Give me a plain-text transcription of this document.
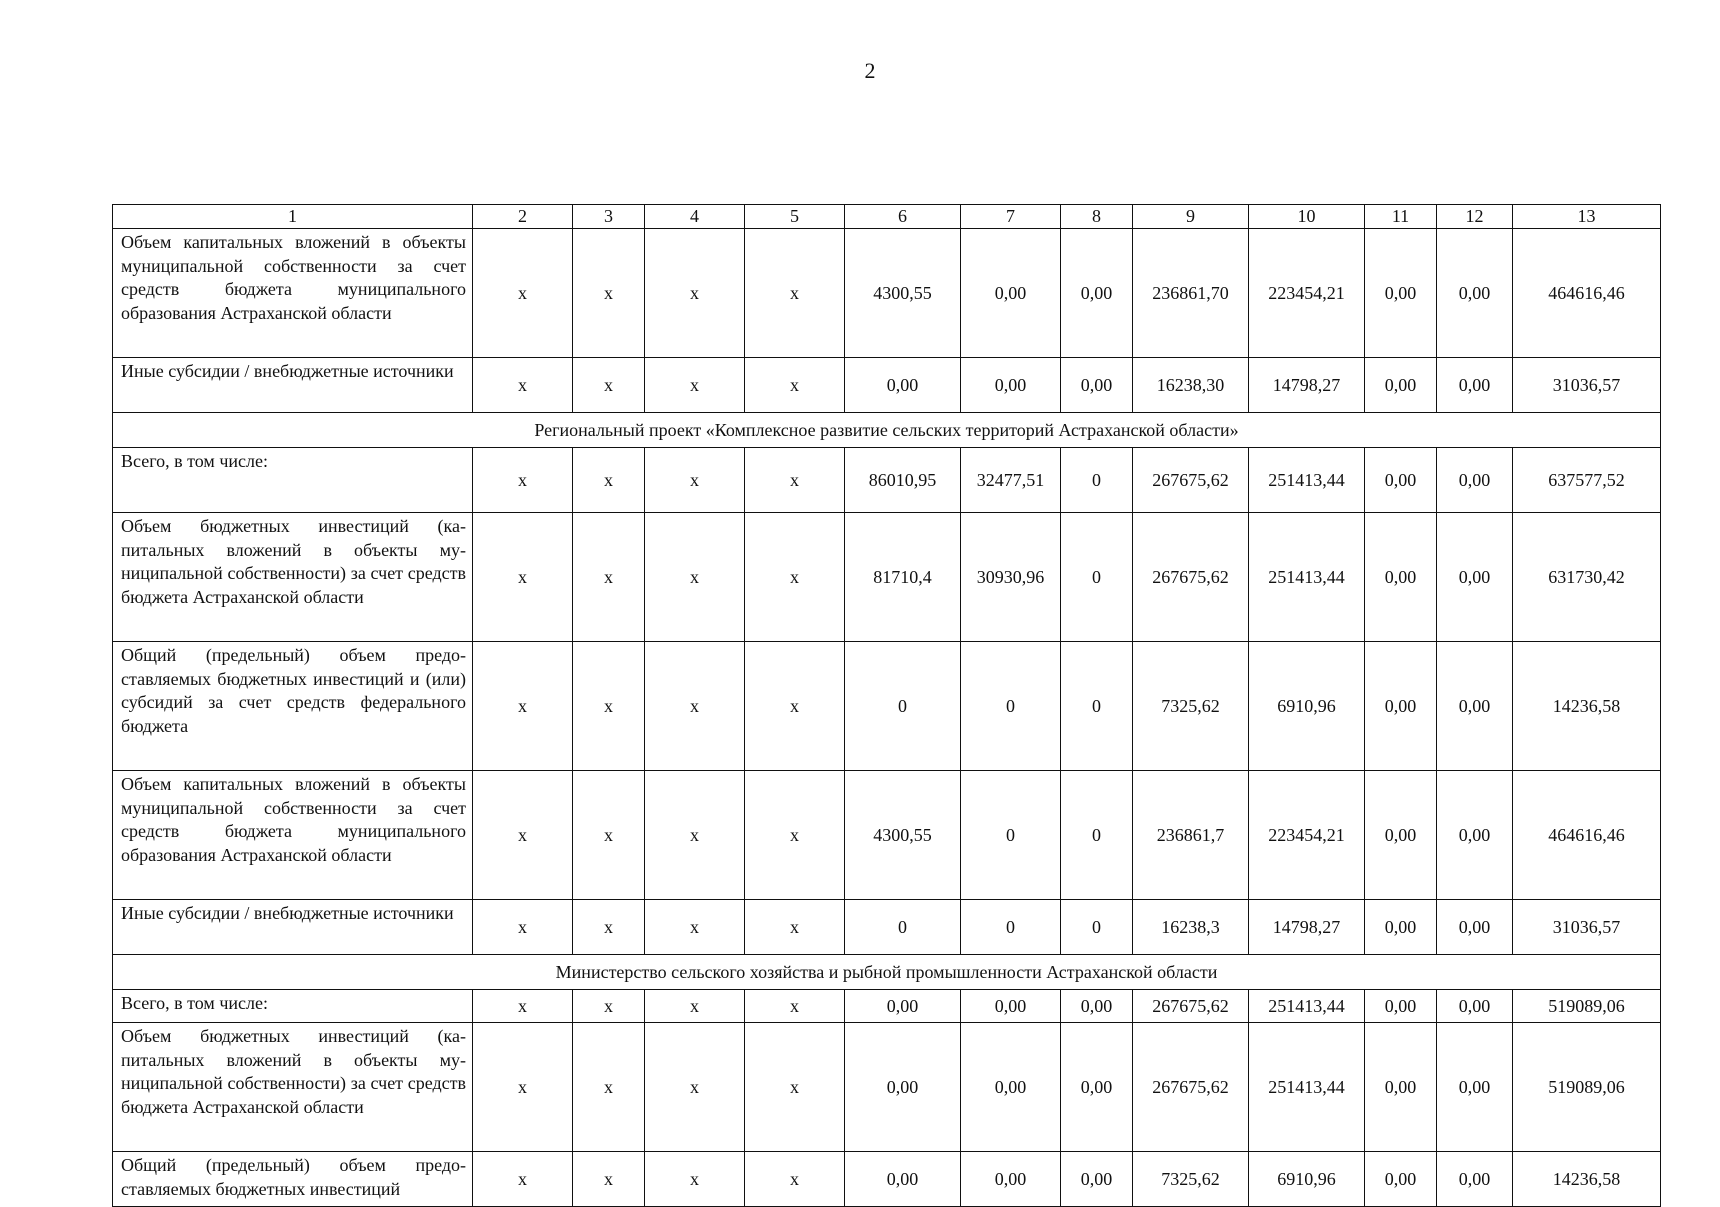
2
1	2	3	4	5	6	7	8	9	10	11	12	13
Объем капитальных вложений в объекты муниципальной собственности за счет средств бюджета муниципального образования Астраханской области	х	х	х	х	4300,55	0,00	0,00	236861,70	223454,21	0,00	0,00	464616,46
Иные субсидии / внебюджетные источники	х	х	х	х	0,00	0,00	0,00	16238,30	14798,27	0,00	0,00	31036,57
Региональный проект «Комплексное развитие сельских территорий Астраханской области»												
Всего, в том числе:	х	х	х	х	86010,95	32477,51	0	267675,62	251413,44	0,00	0,00	637577,52
Объем бюджетных инвестиций (капитальных вложений в объекты муниципальной собственности) за счет средств бюджета Астраханской области	х	х	х	х	81710,4	30930,96	0	267675,62	251413,44	0,00	0,00	631730,42
Общий (предельный) объем предоставляемых бюджетных инвестиций и (или) субсидий за счет средств федерального бюджета	х	х	х	х	0	0	0	7325,62	6910,96	0,00	0,00	14236,58
Объем капитальных вложений в объекты муниципальной собственности за счет средств бюджета муниципального образования Астраханской области	х	х	х	х	4300,55	0	0	236861,7	223454,21	0,00	0,00	464616,46
Иные субсидии / внебюджетные источники	х	х	х	х	0	0	0	16238,3	14798,27	0,00	0,00	31036,57
Министерство сельского хозяйства и рыбной промышленности Астраханской области												
Всего, в том числе:	х	х	х	х	0,00	0,00	0,00	267675,62	251413,44	0,00	0,00	519089,06
Объем бюджетных инвестиций (капитальных вложений в объекты муниципальной собственности) за счет средств бюджета Астраханской области	х	х	х	х	0,00	0,00	0,00	267675,62	251413,44	0,00	0,00	519089,06
Общий (предельный) объем предоставляемых бюджетных инвестиций	х	х	х	х	0,00	0,00	0,00	7325,62	6910,96	0,00	0,00	14236,58
